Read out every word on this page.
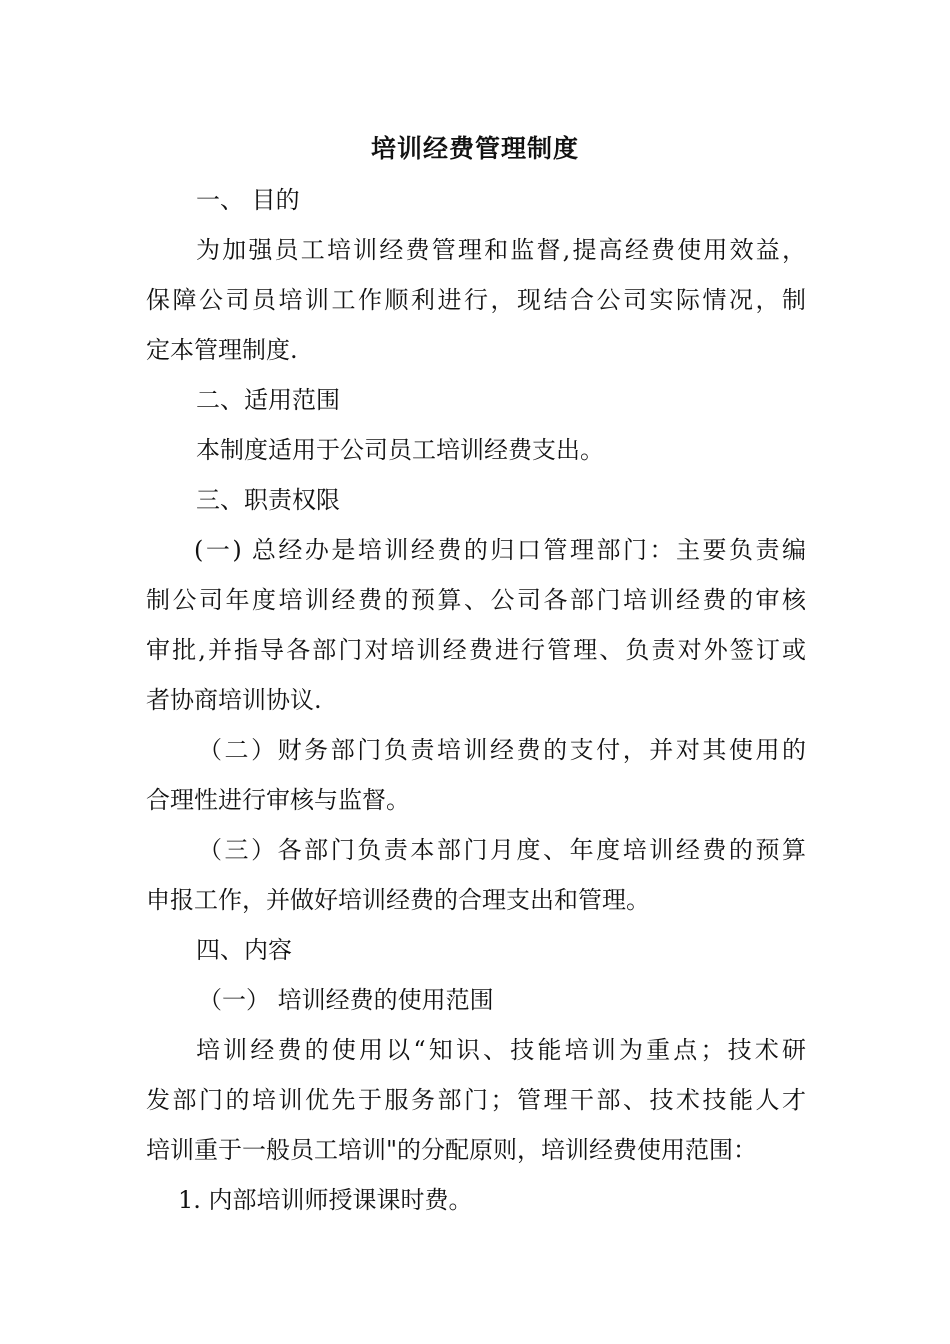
培训经费管理制度

一、 目的

为加强员工培训经费管理和监督,提高经费使用效益，

保障公司员培训工作顺利进行，现结合公司实际情况，制

定本管理制度.

二、适用范围

本制度适用于公司员工培训经费支出。

三、职责权限

(一) 总经办是培训经费的归口管理部门：主要负责编

制公司年度培训经费的预算、公司各部门培训经费的审核

审批,并指导各部门对培训经费进行管理、负责对外签订或

者协商培训协议.

（二）财务部门负责培训经费的支付，并对其使用的

合理性进行审核与监督。

（三）各部门负责本部门月度、年度培训经费的预算

申报工作，并做好培训经费的合理支出和管理。

四、内容

（一） 培训经费的使用范围

培训经费的使用以“知识、技能培训为重点；技术研

发部门的培训优先于服务部门；管理干部、技术技能人才

培训重于一般员工培训"的分配原则，培训经费使用范围：

1. 内部培训师授课课时费。
